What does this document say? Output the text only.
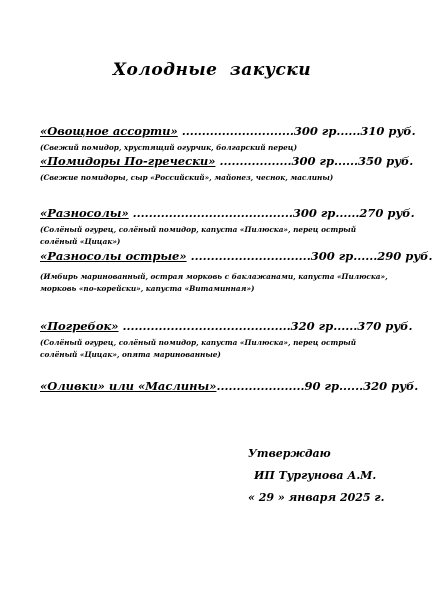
Холодные закуски
«Овощное ассорти» ............................300 гр......310 руб.
(Свежий помидор, хрустящий огурчик, болгарский перец)
«Помидоры По-гречески» ..................300 гр......350 руб.
(Свежие помидоры, сыр «Российский», майонез, чеснок, маслины)
«Разносолы» ........................................300 гр......270 руб.
(Солёный огурец, солёный помидор, капуста «Пилюска», перец острый солёный «Цицак»)
«Разносолы острые» ..............................300 гр......290 руб.
(Имбирь маринованный, острая морковь с баклажанами, капуста «Пилюска», морковь «по-корейски», капуста «Витаминная»)
«Погребок» ..........................................320 гр......370 руб.
(Солёный огурец, солёный помидор, капуста «Пилюска», перец острый солёный «Цицак», опята маринованные)
«Оливки» или «Маслины»......................90 гр......320 руб.
Утверждаю
ИП Тургунова А.М.
« 29 » января 2025 г.
